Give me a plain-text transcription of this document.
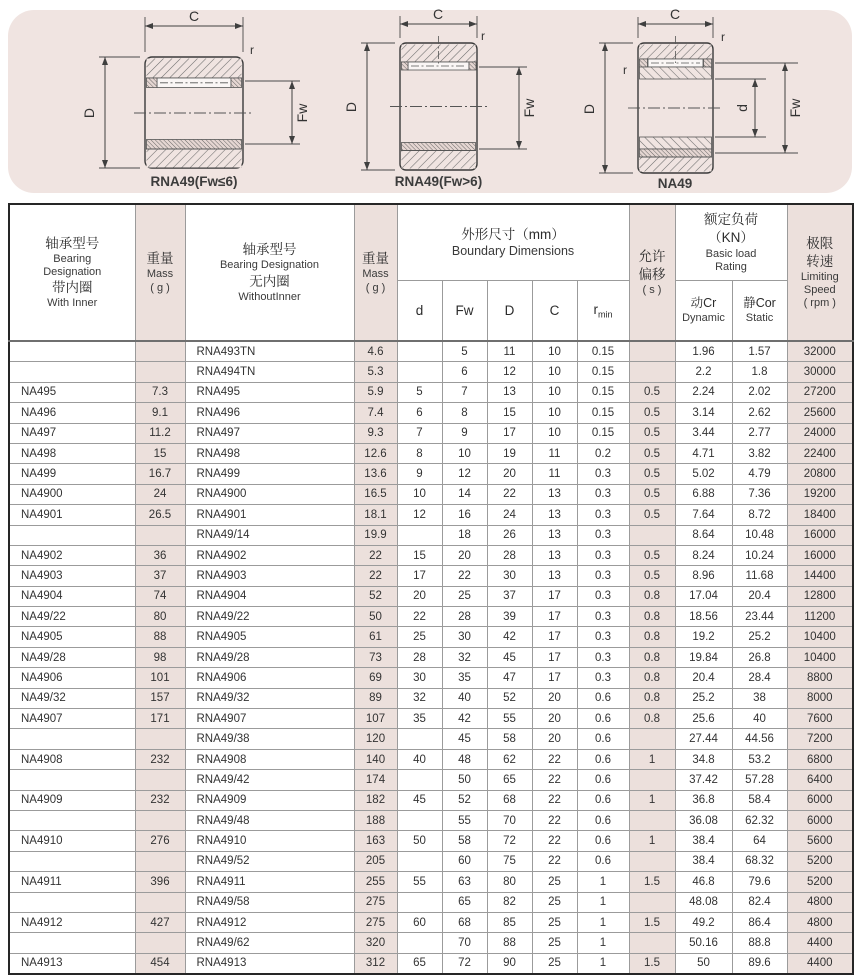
C
D	Fw
r
RNA49(Fw≤6)
C
D	Fw
r
RNA49(Fw>6)
C
D
r
r
d	Fw
NA49
轴承型号
Bearing
Designation
带内圈
With Inner

重量
Mass
( g )

轴承型号
Bearing Designation
无内圈
WithoutInner

重量
Mass
( g )

外形尺寸（mm）
Boundary Dimensions	允许
偏移
( s )

额定负荷
（KN）
Basic load
Rating

极限
转速
Limiting
Speed
( rpm )

d	Fw	D	C	$r_{min}$	
动Cr
Dynamic

静Cor
Static

		RNA493TN	4.6		5	11	10	0.15		1.96	1.57	32000
		RNA494TN	5.3		6	12	10	0.15		2.2	1.8	30000
NA495	7.3	RNA495	5.9	5	7	13	10	0.15	0.5	2.24	2.02	27200
NA496	9.1	RNA496	7.4	6	8	15	10	0.15	0.5	3.14	2.62	25600
NA497	11.2	RNA497	9.3	7	9	17	10	0.15	0.5	3.44	2.77	24000
NA498	15	RNA498	12.6	8	10	19	11	0.2	0.5	4.71	3.82	22400
NA499	16.7	RNA499	13.6	9	12	20	11	0.3	0.5	5.02	4.79	20800
NA4900	24	RNA4900	16.5	10	14	22	13	0.3	0.5	6.88	7.36	19200
NA4901	26.5	RNA4901	18.1	12	16	24	13	0.3	0.5	7.64	8.72	18400
		RNA49/14	19.9		18	26	13	0.3		8.64	10.48	16000
NA4902	36	RNA4902	22	15	20	28	13	0.3	0.5	8.24	10.24	16000
NA4903	37	RNA4903	22	17	22	30	13	0.3	0.5	8.96	11.68	14400
NA4904	74	RNA4904	52	20	25	37	17	0.3	0.8	17.04	20.4	12800
NA49/22	80	RNA49/22	50	22	28	39	17	0.3	0.8	18.56	23.44	11200
NA4905	88	RNA4905	61	25	30	42	17	0.3	0.8	19.2	25.2	10400
NA49/28	98	RNA49/28	73	28	32	45	17	0.3	0.8	19.84	26.8	10400
NA4906	101	RNA4906	69	30	35	47	17	0.3	0.8	20.4	28.4	8800
NA49/32	157	RNA49/32	89	32	40	52	20	0.6	0.8	25.2	38	8000
NA4907	171	RNA4907	107	35	42	55	20	0.6	0.8	25.6	40	7600
		RNA49/38	120		45	58	20	0.6		27.44	44.56	7200
NA4908	232	RNA4908	140	40	48	62	22	0.6	1	34.8	53.2	6800
		RNA49/42	174		50	65	22	0.6		37.42	57.28	6400
NA4909	232	RNA4909	182	45	52	68	22	0.6	1	36.8	58.4	6000
		RNA49/48	188		55	70	22	0.6		36.08	62.32	6000
NA4910	276	RNA4910	163	50	58	72	22	0.6	1	38.4	64	5600
		RNA49/52	205		60	75	22	0.6		38.4	68.32	5200
NA4911	396	RNA4911	255	55	63	80	25	1	1.5	46.8	79.6	5200
		RNA49/58	275		65	82	25	1		48.08	82.4	4800
NA4912	427	RNA4912	275	60	68	85	25	1	1.5	49.2	86.4	4800
		RNA49/62	320		70	88	25	1		50.16	88.8	4400
NA4913	454	RNA4913	312	65	72	90	25	1	1.5	50	89.6	4400
